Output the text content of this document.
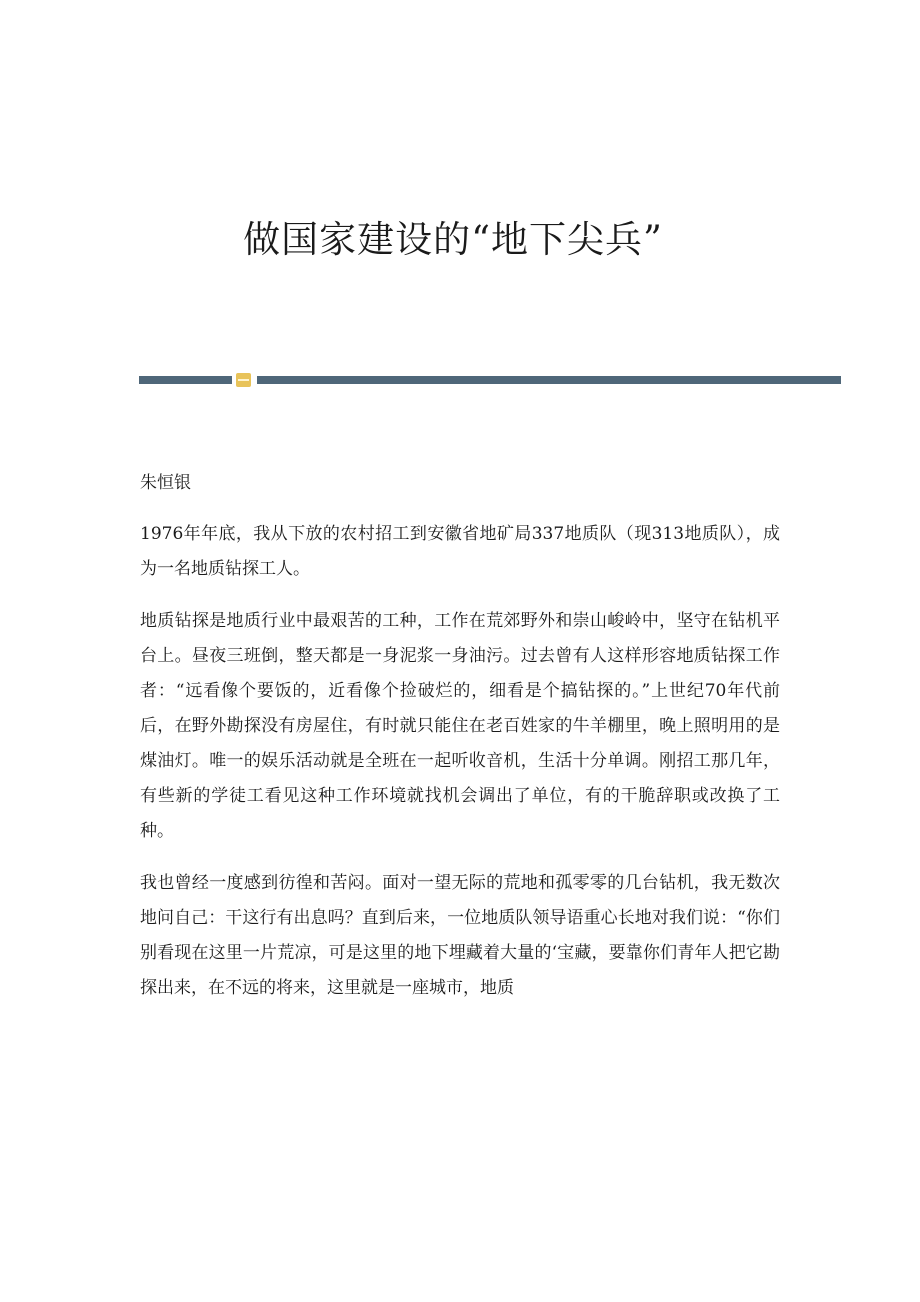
做国家建设的“地下尖兵”

朱恒银

1976年年底，我从下放的农村招工到安徽省地矿局337地质队（现313地质队），成为一名地质钻探工人。

地质钻探是地质行业中最艰苦的工种，工作在荒郊野外和崇山峻岭中，坚守在钻机平台上。昼夜三班倒，整天都是一身泥浆一身油污。过去曾有人这样形容地质钻探工作者：“远看像个要饭的，近看像个捡破烂的，细看是个搞钻探的。”上世纪70年代前后，在野外勘探没有房屋住，有时就只能住在老百姓家的牛羊棚里，晚上照明用的是煤油灯。唯一的娱乐活动就是全班在一起听收音机，生活十分单调。刚招工那几年，有些新的学徒工看见这种工作环境就找机会调出了单位，有的干脆辞职或改换了工种。

我也曾经一度感到彷徨和苦闷。面对一望无际的荒地和孤零零的几台钻机，我无数次地问自己：干这行有出息吗？直到后来，一位地质队领导语重心长地对我们说：“你们别看现在这里一片荒凉，可是这里的地下埋藏着大量的‘宝藏，要靠你们青年人把它勘探出来，在不远的将来，这里就是一座城市，地质
